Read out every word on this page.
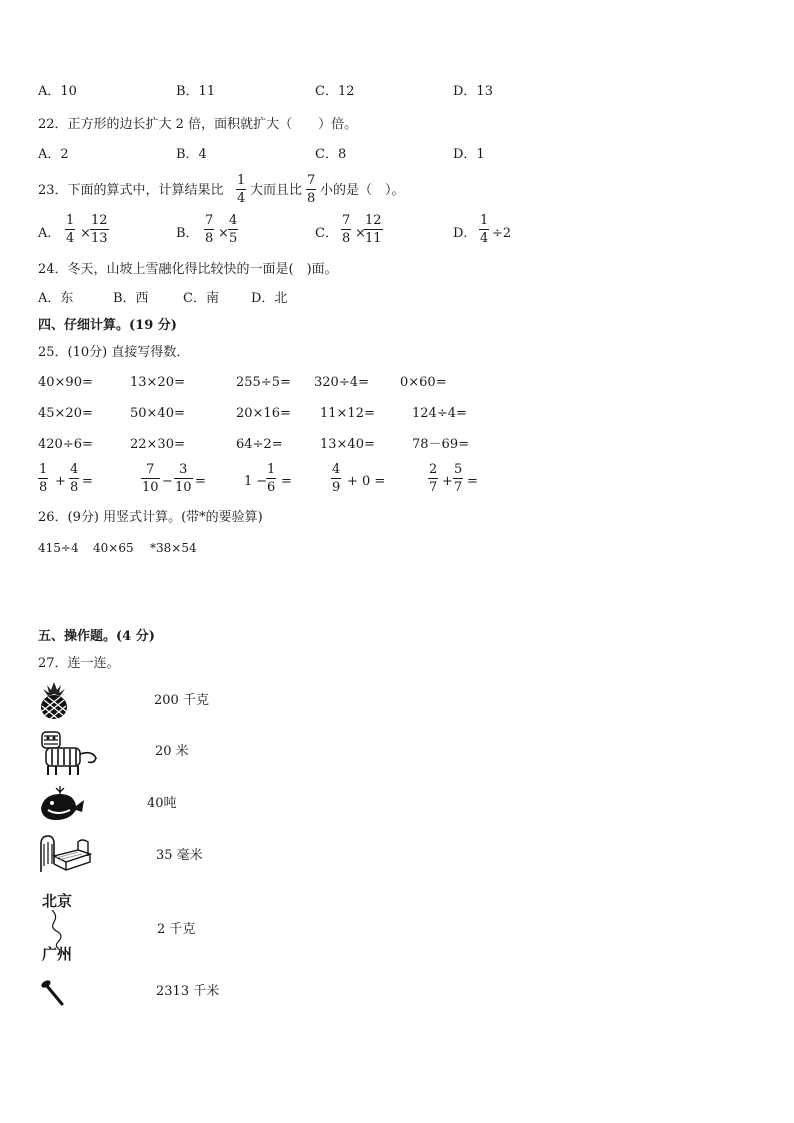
A．10	B．11	C．12	D．13
22．正方形的边长扩大 2 倍，面积就扩大（　　）倍。
A．2	B．4	C．8	D．1
23．下面的算式中，计算结果比
1
4
大而且比
7
8
小的是（　）。
A．
1
4 ×
12
13	B．
7
8 ×
4
5	C．
7
8 ×
12
11	D．
1
4 ÷2
24．冬天，山坡上雪融化得比较快的一面是(　)面。
A．东	B．西	C．南 D．北
四、仔细计算。(19 分)
25．(10分) 直接写得数．
40×90=	13×20=	255÷5= 320÷4= 0×60=
45×20=	50×40=	20×16= 11×12=	124÷4=
420÷6=	22×30=	64÷2=	13×40=	78－69=
1
8 +
4
8 =
7
10 −
3
10 =	1 −
1
6 =
4
9 + 0 =
2
7 +
5
7 =
26．(9分) 用竖式计算。(带*的要验算)
415÷4 40×65 *38×54
五、操作题。(4 分)
27．连一连。
北京
广州
200 千克
20 米
40吨
35 毫米
2 千克
2313 千米
